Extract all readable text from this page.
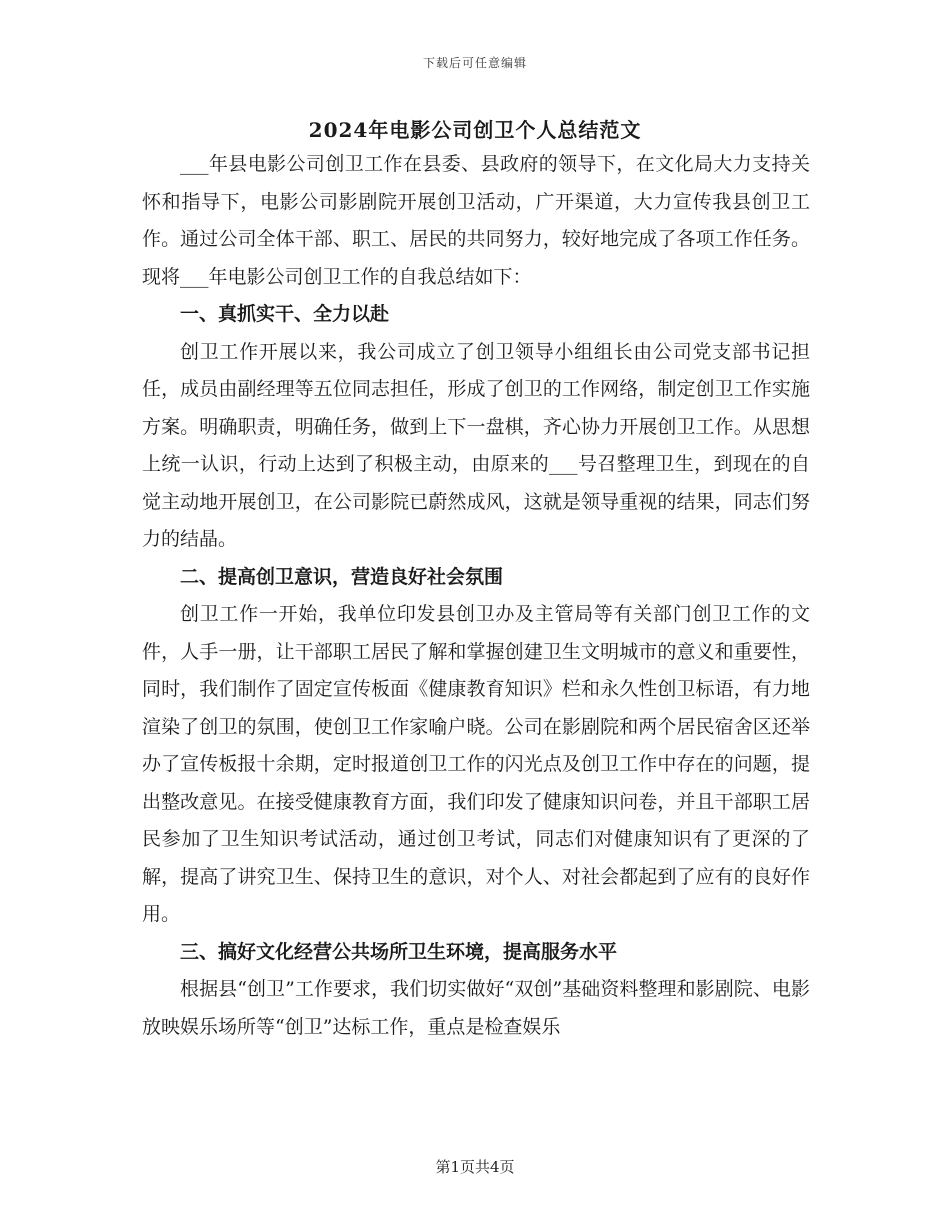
下载后可任意编辑
2024年电影公司创卫个人总结范文

___年县电影公司创卫工作在县委、县政府的领导下，在文化局大力支持关怀和指导下，电影公司影剧院开展创卫活动，广开渠道，大力宣传我县创卫工作。通过公司全体干部、职工、居民的共同努力，较好地完成了各项工作任务。现将___年电影公司创卫工作的自我总结如下：

一、真抓实干、全力以赴

创卫工作开展以来，我公司成立了创卫领导小组组长由公司党支部书记担任，成员由副经理等五位同志担任，形成了创卫的工作网络，制定创卫工作实施方案。明确职责，明确任务，做到上下一盘棋，齐心协力开展创卫工作。从思想上统一认识，行动上达到了积极主动，由原来的___号召整理卫生，到现在的自觉主动地开展创卫，在公司影院已蔚然成风，这就是领导重视的结果，同志们努力的结晶。

二、提高创卫意识，营造良好社会氛围

创卫工作一开始，我单位印发县创卫办及主管局等有关部门创卫工作的文件，人手一册，让干部职工居民了解和掌握创建卫生文明城市的意义和重要性，同时，我们制作了固定宣传板面《健康教育知识》栏和永久性创卫标语，有力地渲染了创卫的氛围，使创卫工作家喻户晓。公司在影剧院和两个居民宿舍区还举办了宣传板报十余期，定时报道创卫工作的闪光点及创卫工作中存在的问题，提出整改意见。在接受健康教育方面，我们印发了健康知识问卷，并且干部职工居民参加了卫生知识考试活动，通过创卫考试，同志们对健康知识有了更深的了解，提高了讲究卫生、保持卫生的意识，对个人、对社会都起到了应有的良好作用。

三、搞好文化经营公共场所卫生环境，提高服务水平

根据县“创卫”工作要求，我们切实做好“双创”基础资料整理和影剧院、电影放映娱乐场所等“创卫”达标工作，重点是检查娱乐

第1页共4页
